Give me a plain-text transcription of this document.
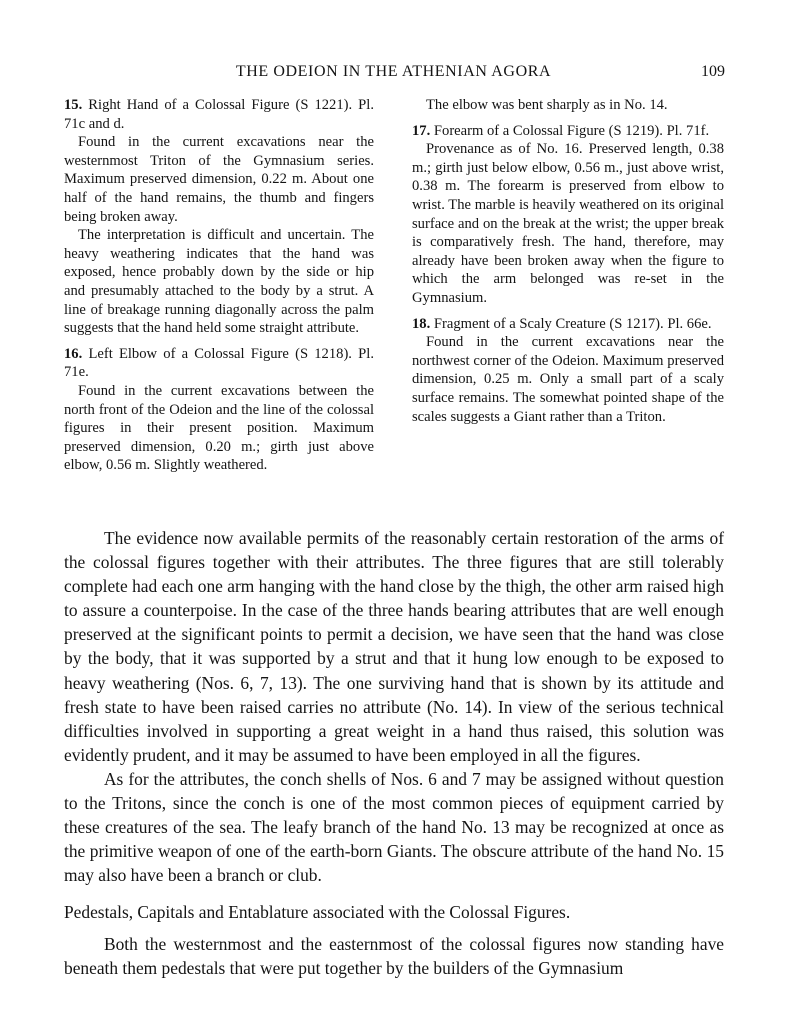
THE ODEION IN THE ATHENIAN AGORA	109

15. Right Hand of a Colossal Figure (S 1221). Pl. 71c and d.

Found in the current excavations near the westernmost Triton of the Gymnasium series. Maximum preserved dimension, 0.22 m. About one half of the hand remains, the thumb and fingers being broken away.

The interpretation is difficult and uncertain. The heavy weathering indicates that the hand was exposed, hence probably down by the side or hip and presumably attached to the body by a strut. A line of breakage running diagonally across the palm suggests that the hand held some straight attribute.

16. Left Elbow of a Colossal Figure (S 1218). Pl. 71e.

Found in the current excavations between the north front of the Odeion and the line of the colossal figures in their present position. Maximum preserved dimension, 0.20 m.; girth just above elbow, 0.56 m. Slightly weathered.

The elbow was bent sharply as in No. 14.

17. Forearm of a Colossal Figure (S 1219). Pl. 71f.

Provenance as of No. 16. Preserved length, 0.38 m.; girth just below elbow, 0.56 m., just above wrist, 0.38 m. The forearm is preserved from elbow to wrist. The marble is heavily weathered on its original surface and on the break at the wrist; the upper break is comparatively fresh. The hand, therefore, may already have been broken away when the figure to which the arm belonged was re-set in the Gymnasium.

18. Fragment of a Scaly Creature (S 1217). Pl. 66e.

Found in the current excavations near the northwest corner of the Odeion. Maximum preserved dimension, 0.25 m. Only a small part of a scaly surface remains. The somewhat pointed shape of the scales suggests a Giant rather than a Triton.

The evidence now available permits of the reasonably certain restoration of the arms of the colossal figures together with their attributes. The three figures that are still tolerably complete had each one arm hanging with the hand close by the thigh, the other arm raised high to assure a counterpoise. In the case of the three hands bearing attributes that are well enough preserved at the significant points to permit a decision, we have seen that the hand was close by the body, that it was supported by a strut and that it hung low enough to be exposed to heavy weathering (Nos. 6, 7, 13). The one surviving hand that is shown by its attitude and fresh state to have been raised carries no attribute (No. 14). In view of the serious technical difficulties involved in supporting a great weight in a hand thus raised, this solution was evidently prudent, and it may be assumed to have been employed in all the figures.

As for the attributes, the conch shells of Nos. 6 and 7 may be assigned without question to the Tritons, since the conch is one of the most common pieces of equipment carried by these creatures of the sea. The leafy branch of the hand No. 13 may be recognized at once as the primitive weapon of one of the earth-born Giants. The obscure attribute of the hand No. 15 may also have been a branch or club.

Pedestals, Capitals and Entablature associated with the Colossal Figures.

Both the westernmost and the easternmost of the colossal figures now standing have beneath them pedestals that were put together by the builders of the Gymnasium
